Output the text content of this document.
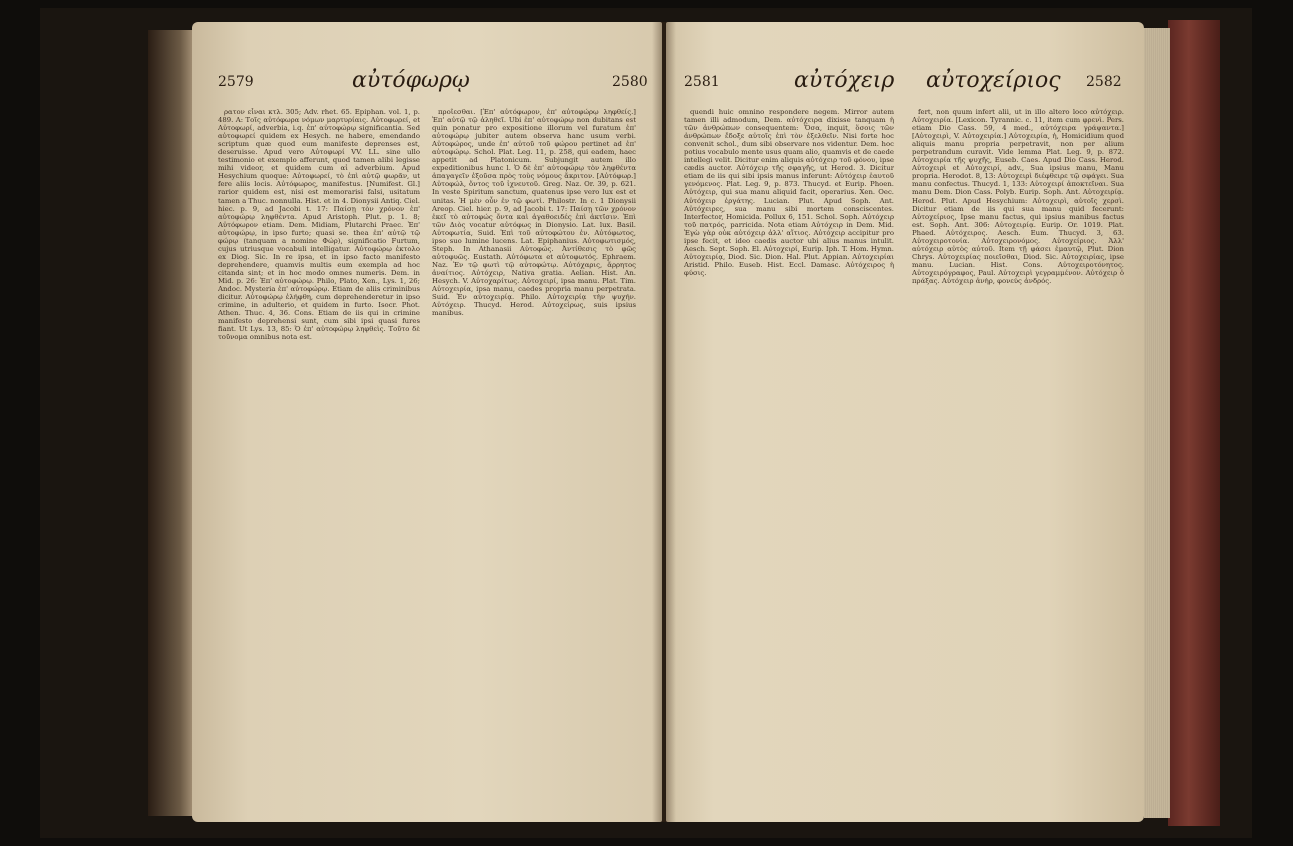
2579	αὐτόφωρῳ	2580

ρατον εἶναι κτλ. 305; Adv. rhet. 65. Epiphan. vol. 1, p. 489. A: Τοῖς αὐτόφωρα νόμων μαρτυρίαις. Αὐτοφωρεί, et Αὐτοφωρί, adverbia, i.q. ἐπ' αὐτοφώρῳ significantia. Sed αὐτοφωρεί quidem ex Hesych. ne habere, emendando scriptum quæ quod eum manifeste deprenses est, deseruisse. Apud vero Αὐτοφωρί VV. LL. sine ullo testimonio et exemplo afferunt, quod tamen alibi legisse mihi videor, et quidem cum αἰ adverbium. Apud Hesychium quoque: Αὐτοφωρεί, τὸ ἐπὶ αὐτῷ φωρᾶν, ut fere aliis locis. Αὐτόφωρος, manifestus. [Numifest. Gl.] rarior quidem est, nisi est memorarisi falsi, usitatum tamen a Thuc. nonnulla. Hist. et in 4. Dionysii Antiq. Ciel. hiec. p. 9, ad Jacobi t. 17: Παίσῃ τὸν χρόνον ἐπ' αὐτοφώρῳ ληφθέντα. Apud Aristoph. Plut. p. 1. 8; Αὐτόφωρον etiam. Dem. Midiam, Plutarchi Praec. Ἐπ' αὐτοφώρῳ, in ipso furto; quasi se. thea ἐπ' αὐτῷ τῷ φώρῳ (tanquam a nomine Φώρ), significatio Furtum, cujus utriusque vocabuli intelligatur. Αὐτοφώρῳ ἐκτολο ex Diog. Sic. In re ipsa, et in ipso facto manifesto deprehendere, quamvis multis eum exempla ad hoc citanda sint; et in hoc modo omnes numeris. Dem. in Mid. p. 26: Ἐπ' αὐτοφώρῳ. Philo, Plato, Xen., Lys. 1, 26; Andoc. Mysteria ἐπ' αὐτοφώρῳ. Etiam de aliis criminibus dicitur. Αὐτοφώρῳ ἐλήφθη, cum deprehenderetur in ipso crimine, in adulterio, et quidem in furto. Isocr. Phot. Athen. Thuc. 4, 36. Cons. Etiam de iis qui in crimine manifesto deprehensi sunt, cum sibi ipsi quasi fures fiant. Ut Lys. 13, 85: Ὁ ἐπ' αὐτοφώρῳ ληφθεὶς. Τοῦτο δὲ τοῦνομα omnibus nota est.

προΐεσθαι. [Ἐπ' αὐτόφωρον, ἐπ' αὐτοφώρῳ ληφθείς.] Ἐπ' αὐτῷ τῷ ἀληθεῖ. Ubi ἐπ' αὐτοφώρῳ non dubitans est quin ponatur pro expositione illorum vel furatum ἐπ' αὐτοφώρῳ jubiter autem observa hanc usum verbi. Αὐτοφώρος, unde ἐπ' αὐτοῦ τοῦ φώρου pertinet ad ἐπ' αὐτοφώρῳ. Schol. Plat. Leg. 11, p. 258, qui eadem, haec appetit ad Platonicum. Subjungit autem illo expeditionibus hunc l. Ὁ δὲ ἐπ' αὐτοφώρῳ τὸν ληφθέντα ἀπαγαγεῖν ἐξοῦσα πρὸς τοὺς νόμους ἄκριτον. [Αὐτόφωρ.] Αὐτοφώλ, ὄντος τοῦ ἰχνευτοῦ. Greg. Naz. Or. 39, p. 621. In veste Spiritum sanctum, quatenus ipse vero lux est et unitas. Ἡ μὲν οὖν ἐν τῷ φωτὶ. Philostr. In c. 1 Dionysii Areop. Ciel. hier. p. 9, ad Jacobi t. 17: Παίσῃ τῶν χρόνον ἐκεῖ τὸ αὐτοφώς ὄντα καὶ ἀγαθοειδές ἐπὶ ἀκτῖσιν. Ἐπὶ τῶν Διὸς vocatur αὐτόφως in Dionysio. Lat. lux. Basil. Αὐτοφωτία, Suid. Ἐπὶ τοῦ αὐτοφώτου ἐν. Αὐτόφωτος, ipso suo lumine lucens. Lat. Epiphanius. Αὐτοφωτισμός, Steph. In Athanasii Αὐτοφώς. Ἀντίθεσις τὸ φῶς αὐτοφυῶς. Eustath. Αὐτόφωτα et αὐτοφωτός. Ephraem. Naz. Ἐν τῷ φωτὶ τῷ αὐτοφώτῳ. Αὐτόχαρις, ἄρρητος ἀναίτιος. Αὐτόχειρ, Nativa gratia. Aelian. Hist. An. Hesych. V. Αὐτοχαρίτως. Αὐτοχειρί, ipsa manu. Plat. Tim. Αὐτοχειρία, ipsa manu, caedes propria manu perpetrata. Suid. Ἐν αὐτοχειρίᾳ. Philo. Αὐτοχειρίᾳ τὴν ψυχήν. Αὐτόχειρ. Thucyd. Herod. Αὐτοχείρως, suis ipsius manibus.

2581	αὐτόχειρ αὐτοχείριος 2582

quendi huic omnino respondere negem. Mirror autem tamen illi admodum, Dem. αὐτόχειρα dixisse tanquam ἡ τῶν ἀνθρώπων consequentem: Ὅσα, inquit, ὅσοις τῶν ἀνθρώπων ἔδοξε αὐτοῖς ἐπὶ τὸν ἐξελθεῖν. Nisi forte hoc convenit schol., dum sibi observare nos videntur. Dem. hoc potius vocabulo mente usus quam alio, quamvis et de caede intellegi velit. Dicitur enim aliquis αὐτόχειρ τοῦ φόνου, ipse cædis auctor. Αὐτόχειρ τῆς σφαγῆς, ut Herod. 3. Dicitur etiam de iis qui sibi ipsis manus inferunt: Αὐτόχειρ ἑαυτοῦ γενόμενος. Plat. Leg. 9, p. 873. Thucyd. et Eurip. Phoen. Αὐτόχειρ, qui sua manu aliquid facit, operarius. Xen. Oec. Αὐτόχειρ ἐργάτης. Lucian. Plut. Apud Soph. Ant. Αὐτόχειρες, sua manu sibi mortem consciscentes. Interfector, Homicida. Pollux 6, 151. Schol. Soph. Αὐτόχειρ τοῦ πατρός, parricida. Nota etiam Αὐτόχειρ in Dem. Mid. Ἐγὼ γὰρ οὐκ αὐτόχειρ ἀλλ' αἴτιος. Αὐτόχειρ accipitur pro ipse fecit, et ideo caedis auctor ubi alius manus intulit. Aesch. Sept. Soph. El. Αὐτοχειρί, Eurip. Iph. T. Hom. Hymn. Αὐτοχειρίᾳ, Diod. Sic. Dion. Hal. Plut. Appian. Αὐτοχειρίαι Aristid. Philo. Euseb. Hist. Eccl. Damasc. Αὐτόχειρος ἡ φύσις.

fert, non quum infert alii, ut in illo altero loco αὐτόχειρ. Αὐτοχειρία. [Lexicon. Tyrannic. c. 11, item cum φρενὶ. Pers. etiam Dio Cass. 59, 4 med., αὐτόχειρα γράψαντα.] [Αὐτοχειρὶ, V. Αὐτοχειρία.] Αὐτοχειρία, ἡ, Homicidium quod aliquis manu propria perpetravit, non per alium perpetrandum curavit. Vide lemma Plat. Leg. 9, p. 872. Αὐτοχειρία τῆς ψυχῆς, Euseb. Caes. Apud Dio Cass. Herod. Αὐτοχειρὶ et Αὐτοχειρί, adv., Sua ipsius manu, Manu propria. Herodot. 8, 13: Αὐτοχειρὶ διέφθειρε τῷ σφάγει. Sua manu confectus. Thucyd. 1, 133: Αὐτοχειρί ἀποκτεῖναι. Sua manu Dem. Dion Cass. Polyb. Eurip. Soph. Ant. Αὐτοχειρίᾳ. Herod. Plut. Apud Hesychium: Αὐτοχειρὶ, αὐτοῖς χερσὶ. Dicitur etiam de iis qui sua manu quid fecerunt: Αὐτοχείριος, Ipse manu factus, qui ipsius manibus factus est. Soph. Ant. 306: Αὐτοχειρίᾳ. Eurip. Or. 1019. Plat. Phaed. Αὐτόχειρος. Aesch. Eum. Thucyd. 3, 63. Αὐτοχειροτονία. Αὐτοχειρονόμος. Αὐτοχείριος. Ἀλλ' αὐτόχειρ αὐτὸς αὐτοῦ. Item τῇ φάσει ἐμαυτῷ, Plut. Dion Chrys. Αὐτοχειρίας ποιεῖσθαι, Diod. Sic. Αὐτοχειρίας, ipse manu. Lucian. Hist. Cons. Αὐτοχειροτόνητος. Αὐτοχειρόγραφος, Paul. Αὐτοχειρὶ γεγραμμένον. Αὐτόχειρ ὁ πράξας. Αὐτόχειρ ἀνὴρ, φονεύς ἀνδρός.
